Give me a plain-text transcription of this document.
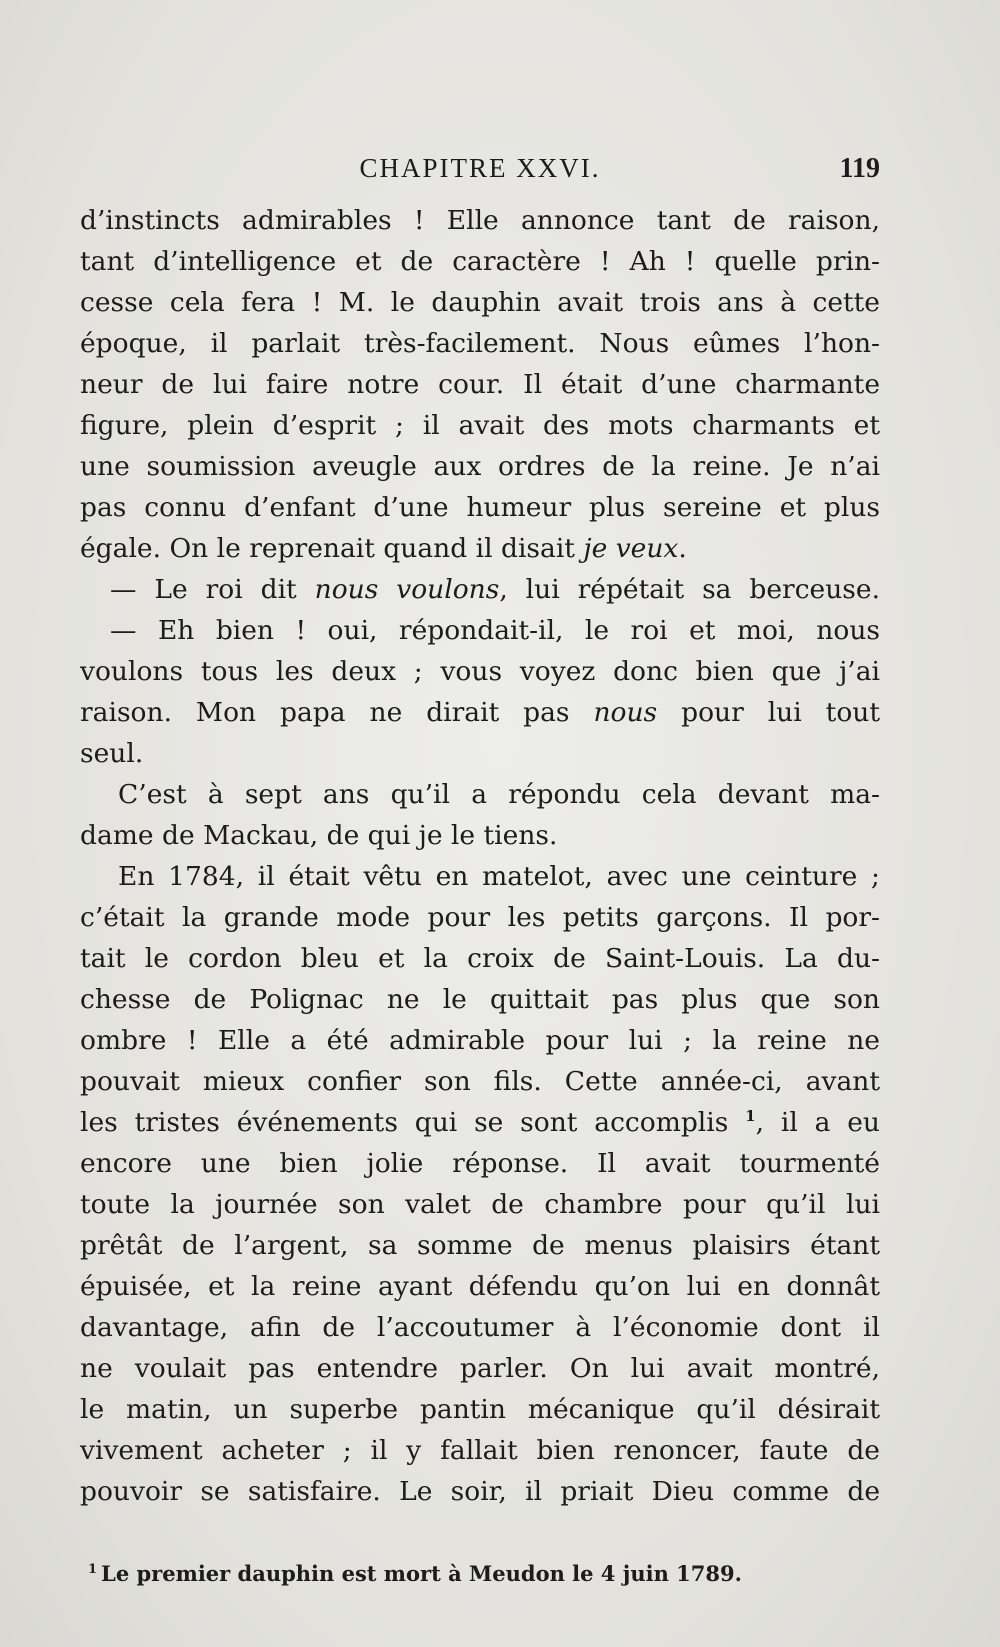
CHAPITRE XXVI.	119
d’instincts admirables ! Elle annonce tant de raison,
tant d’intelligence et de caractère ! Ah ! quelle prin-
cesse cela fera ! M. le dauphin avait trois ans à cette
époque, il parlait très-facilement. Nous eûmes l’hon-
neur de lui faire notre cour. Il était d’une charmante
figure, plein d’esprit ; il avait des mots charmants et
une soumission aveugle aux ordres de la reine. Je n’ai
pas connu d’enfant d’une humeur plus sereine et plus
égale. On le reprenait quand il disait je veux.
— Le roi dit nous voulons, lui répétait sa berceuse.
— Eh bien ! oui, répondait-il, le roi et moi, nous
voulons tous les deux ; vous voyez donc bien que j’ai
raison. Mon papa ne dirait pas nous pour lui tout
seul.
C’est à sept ans qu’il a répondu cela devant ma-
dame de Mackau, de qui je le tiens.
En 1784, il était vêtu en matelot, avec une ceinture ;
c’était la grande mode pour les petits garçons. Il por-
tait le cordon bleu et la croix de Saint-Louis. La du-
chesse de Polignac ne le quittait pas plus que son
ombre ! Elle a été admirable pour lui ; la reine ne
pouvait mieux confier son fils. Cette année-ci, avant
les tristes événements qui se sont accomplis $^1$, il a eu
encore une bien jolie réponse. Il avait tourmenté
toute la journée son valet de chambre pour qu’il lui
prêtât de l’argent, sa somme de menus plaisirs étant
épuisée, et la reine ayant défendu qu’on lui en donnât
davantage, afin de l’accoutumer à l’économie dont il
ne voulait pas entendre parler. On lui avait montré,
le matin, un superbe pantin mécanique qu’il désirait
vivement acheter ; il y fallait bien renoncer, faute de
pouvoir se satisfaire. Le soir, il priait Dieu comme de
$^1$ Le premier dauphin est mort à Meudon le 4 juin 1789.
